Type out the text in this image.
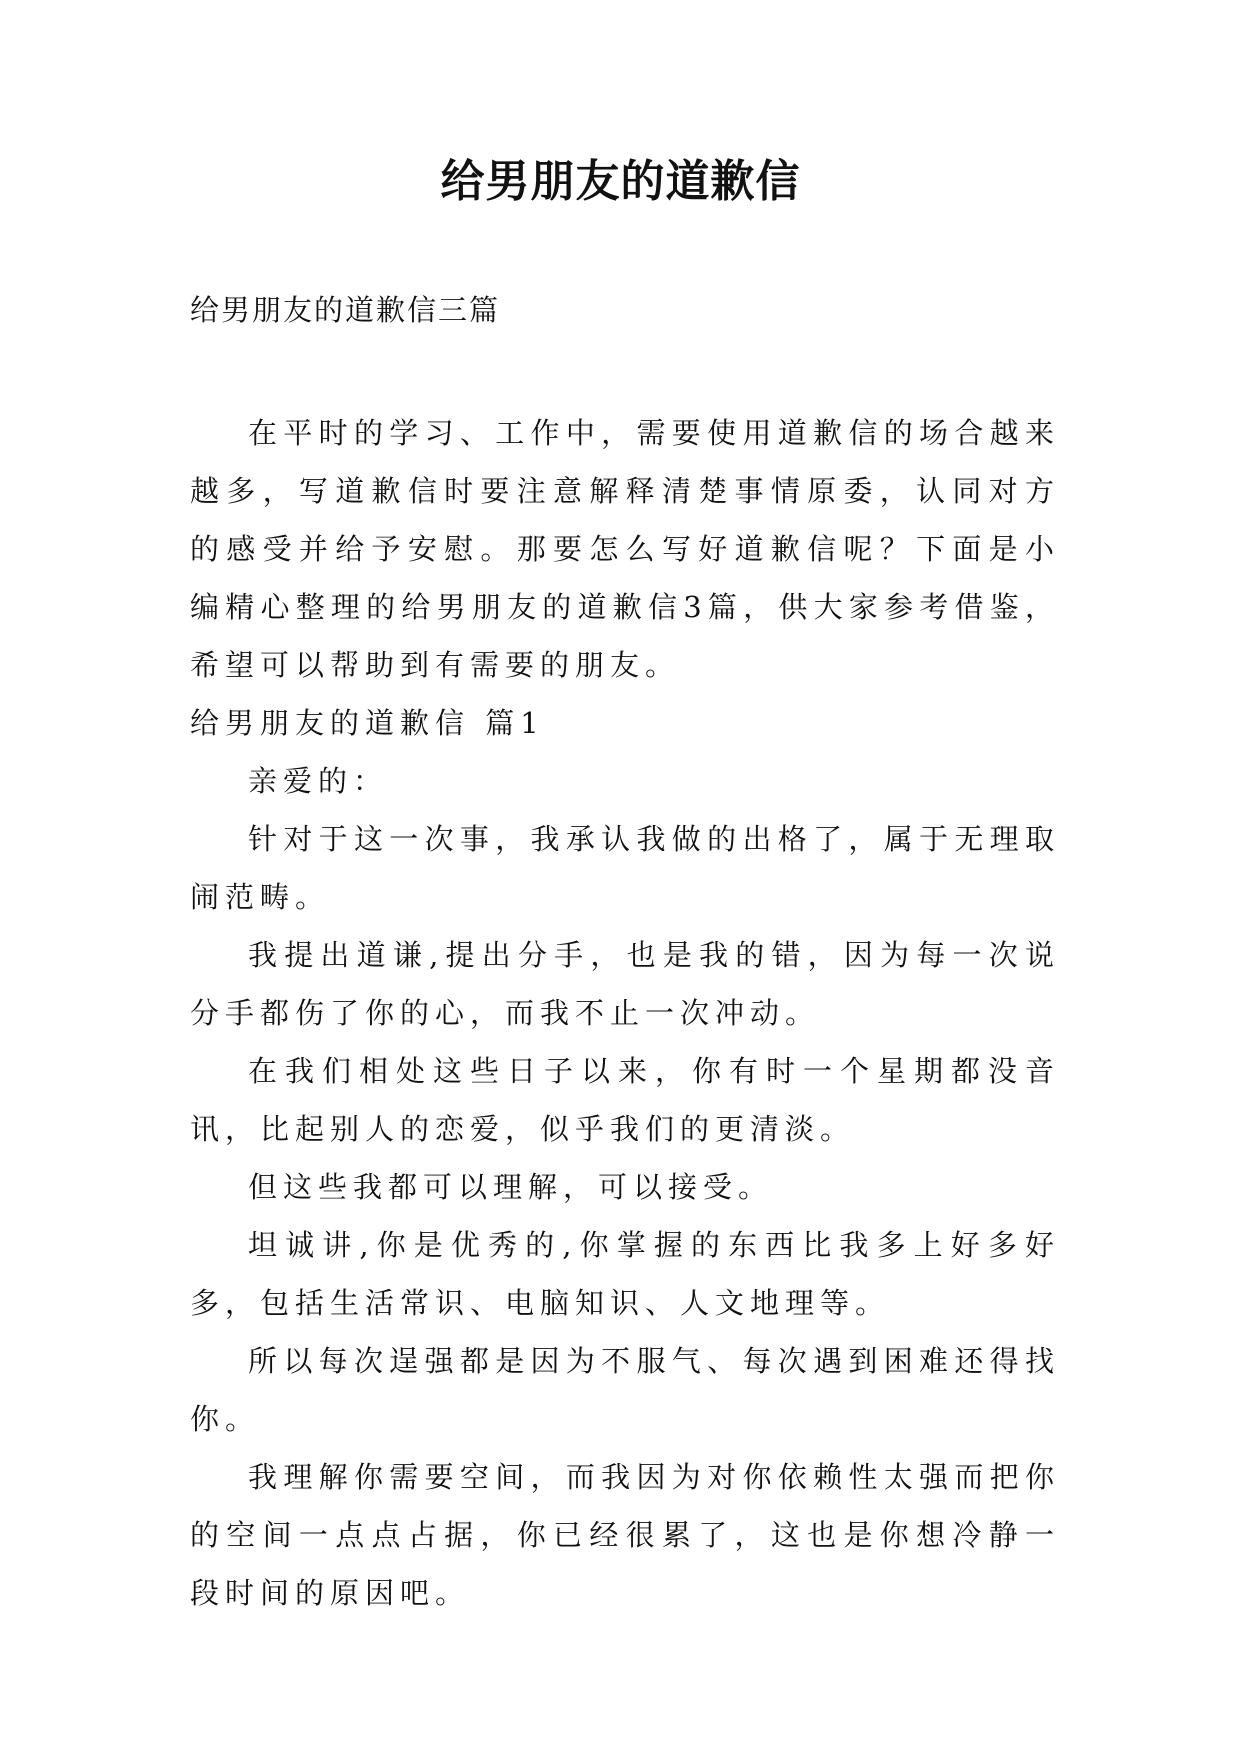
给男朋友的道歉信
给男朋友的道歉信三篇

在平时的学习、工作中，需要使用道歉信的场合越来越多，写道歉信时要注意解释清楚事情原委，认同对方的感受并给予安慰。那要怎么写好道歉信呢？下面是小编精心整理的给男朋友的道歉信3篇，供大家参考借鉴，希望可以帮助到有需要的朋友。

给男朋友的道歉信 篇1

亲爱的：

针对于这一次事，我承认我做的出格了，属于无理取闹范畴。

我提出道谦,提出分手，也是我的错，因为每一次说分手都伤了你的心，而我不止一次冲动。

在我们相处这些日子以来，你有时一个星期都没音讯，比起别人的恋爱，似乎我们的更清淡。

但这些我都可以理解，可以接受。

坦诚讲,你是优秀的,你掌握的东西比我多上好多好多，包括生活常识、电脑知识、人文地理等。

所以每次逞强都是因为不服气、每次遇到困难还得找你。

我理解你需要空间，而我因为对你依赖性太强而把你的空间一点点占据，你已经很累了，这也是你想冷静一段时间的原因吧。
